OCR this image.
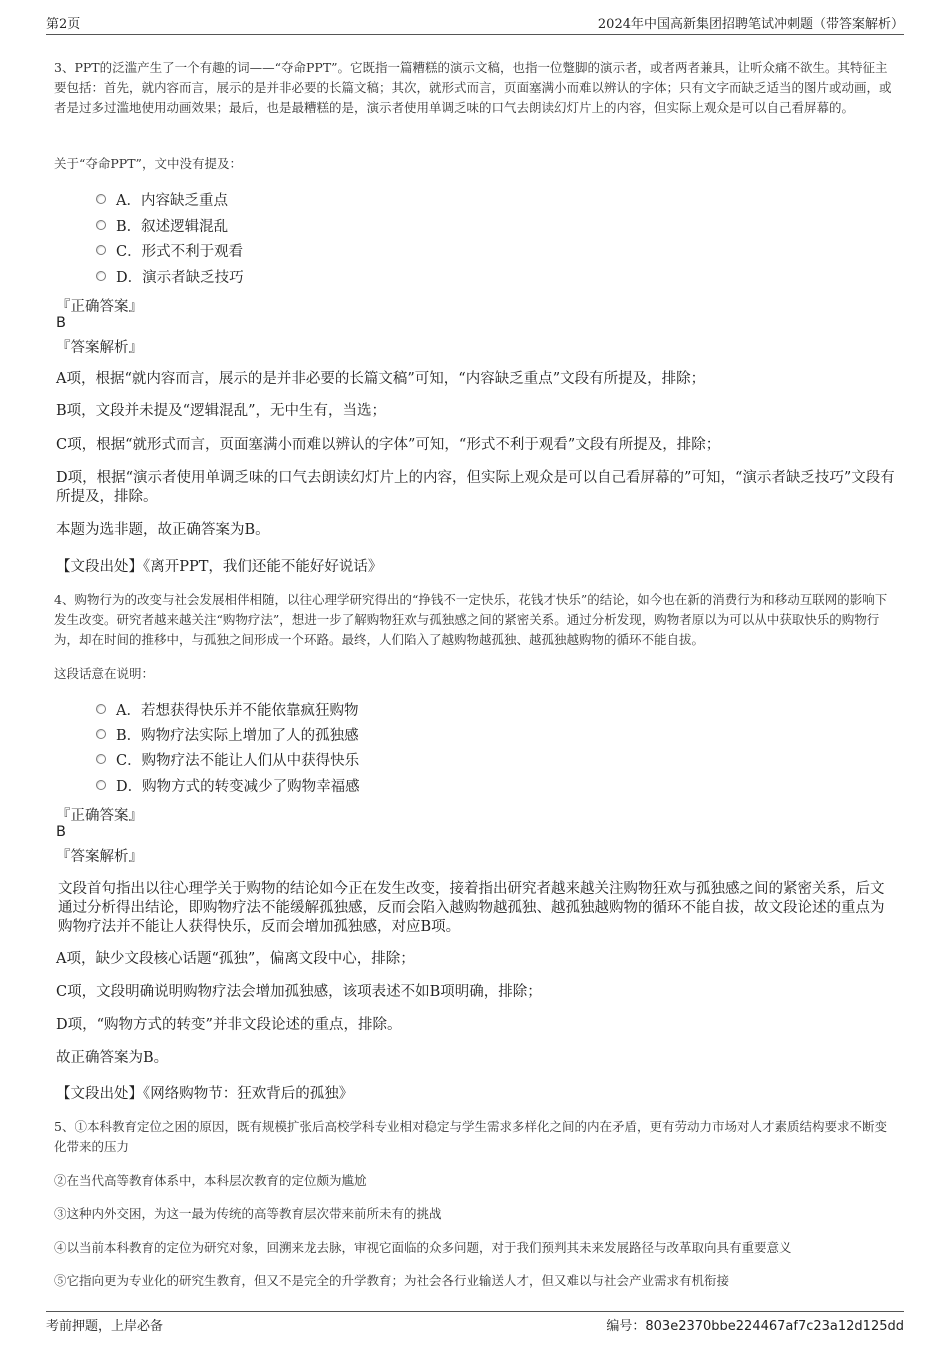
第2页	2024年中国高新集团招聘笔试冲刺题（带答案解析）
3、PPT的泛滥产生了一个有趣的词——“夺命PPT”。它既指一篇糟糕的演示文稿，也指一位蹩脚的演示者，或者两者兼具，让听众痛不欲生。其特征主要包括：首先，就内容而言，展示的是并非必要的长篇文稿；其次，就形式而言，页面塞满小而难以辨认的字体；只有文字而缺乏适当的图片或动画，或者是过多过滥地使用动画效果；最后，也是最糟糕的是，演示者使用单调乏味的口气去朗读幻灯片上的内容，但实际上观众是可以自己看屏幕的。
关于“夺命PPT”，文中没有提及：
A．内容缺乏重点
B．叙述逻辑混乱
C．形式不利于观看
D．演示者缺乏技巧
『正确答案』
B
『答案解析』
A项，根据“就内容而言，展示的是并非必要的长篇文稿”可知，“内容缺乏重点”文段有所提及，排除；
B项，文段并未提及“逻辑混乱”，无中生有，当选；
C项，根据“就形式而言，页面塞满小而难以辨认的字体”可知，“形式不利于观看”文段有所提及，排除；
D项，根据“演示者使用单调乏味的口气去朗读幻灯片上的内容，但实际上观众是可以自己看屏幕的”可知，“演示者缺乏技巧”文段有所提及，排除。
本题为选非题，故正确答案为B。
【文段出处】《离开PPT，我们还能不能好好说话》
4、购物行为的改变与社会发展相伴相随，以往心理学研究得出的“挣钱不一定快乐，花钱才快乐”的结论，如今也在新的消费行为和移动互联网的影响下发生改变。研究者越来越关注“购物疗法”，想进一步了解购物狂欢与孤独感之间的紧密关系。通过分析发现，购物者原以为可以从中获取快乐的购物行为，却在时间的推移中，与孤独之间形成一个环路。最终，人们陷入了越购物越孤独、越孤独越购物的循环不能自拔。
这段话意在说明：
A．若想获得快乐并不能依靠疯狂购物
B．购物疗法实际上增加了人的孤独感
C．购物疗法不能让人们从中获得快乐
D．购物方式的转变减少了购物幸福感
『正确答案』
B
『答案解析』
文段首句指出以往心理学关于购物的结论如今正在发生改变，接着指出研究者越来越关注购物狂欢与孤独感之间的紧密关系，后文通过分析得出结论，即购物疗法不能缓解孤独感，反而会陷入越购物越孤独、越孤独越购物的循环不能自拔，故文段论述的重点为购物疗法并不能让人获得快乐，反而会增加孤独感，对应B项。
A项，缺少文段核心话题“孤独”，偏离文段中心，排除；
C项，文段明确说明购物疗法会增加孤独感，该项表述不如B项明确，排除；
D项，“购物方式的转变”并非文段论述的重点，排除。
故正确答案为B。
【文段出处】《网络购物节：狂欢背后的孤独》
5、①本科教育定位之困的原因，既有规模扩张后高校学科专业相对稳定与学生需求多样化之间的内在矛盾，更有劳动力市场对人才素质结构要求不断变化带来的压力
②在当代高等教育体系中，本科层次教育的定位颇为尴尬
③这种内外交困，为这一最为传统的高等教育层次带来前所未有的挑战
④以当前本科教育的定位为研究对象，回溯来龙去脉，审视它面临的众多问题，对于我们预判其未来发展路径与改革取向具有重要意义
⑤它指向更为专业化的研究生教育，但又不是完全的升学教育；为社会各行业输送人才，但又难以与社会产业需求有机衔接
考前押题，上岸必备	编号：803e2370bbe224467af7c23a12d125dd
